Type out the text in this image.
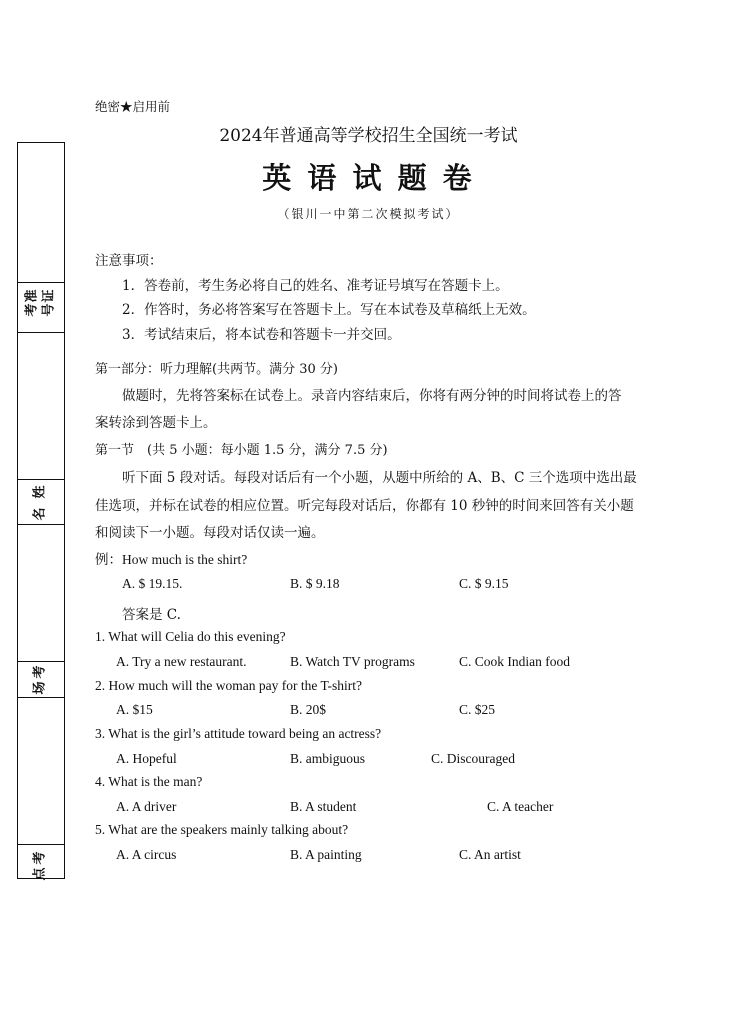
准
考
证
号
姓
名
考
场
考
点
绝密★启用前
2024年普通高等学校招生全国统一考试
英 语 试 题 卷
（银川一中第二次模拟考试）
注意事项：
1．答卷前，考生务必将自己的姓名、准考证号填写在答题卡上。
2．作答时，务必将答案写在答题卡上。写在本试卷及草稿纸上无效。
3．考试结束后，将本试卷和答题卡一并交回。
第一部分：听力理解(共两节。满分 30 分)
做题时，先将答案标在试卷上。录音内容结束后，你将有两分钟的时间将试卷上的答
案转涂到答题卡上。
第一节　(共 5 小题：每小题 1.5 分，满分 7.5 分)
听下面 5 段对话。每段对话后有一个小题，从题中所给的 A、B、C 三个选项中选出最
佳选项，并标在试卷的相应位置。听完每段对话后，你都有 10 秒钟的时间来回答有关小题
和阅读下一小题。每段对话仅读一遍。
例：How much is the shirt?
A. $ 19.15.	B. $ 9.18	C. $ 9.15
答案是 C.
1. What will Celia do this evening?
A. Try a new restaurant.	B. Watch TV programs	C. Cook Indian food
2. How much will the woman pay for the T-shirt?
A. $15	B. 20$	C. $25
3. What is the girl’s attitude toward being an actress?
A. Hopeful	B. ambiguous	C. Discouraged
4. What is the man?
A. A driver	B. A student	C. A teacher
5. What are the speakers mainly talking about?
A. A circus	B. A painting	C. An artist
